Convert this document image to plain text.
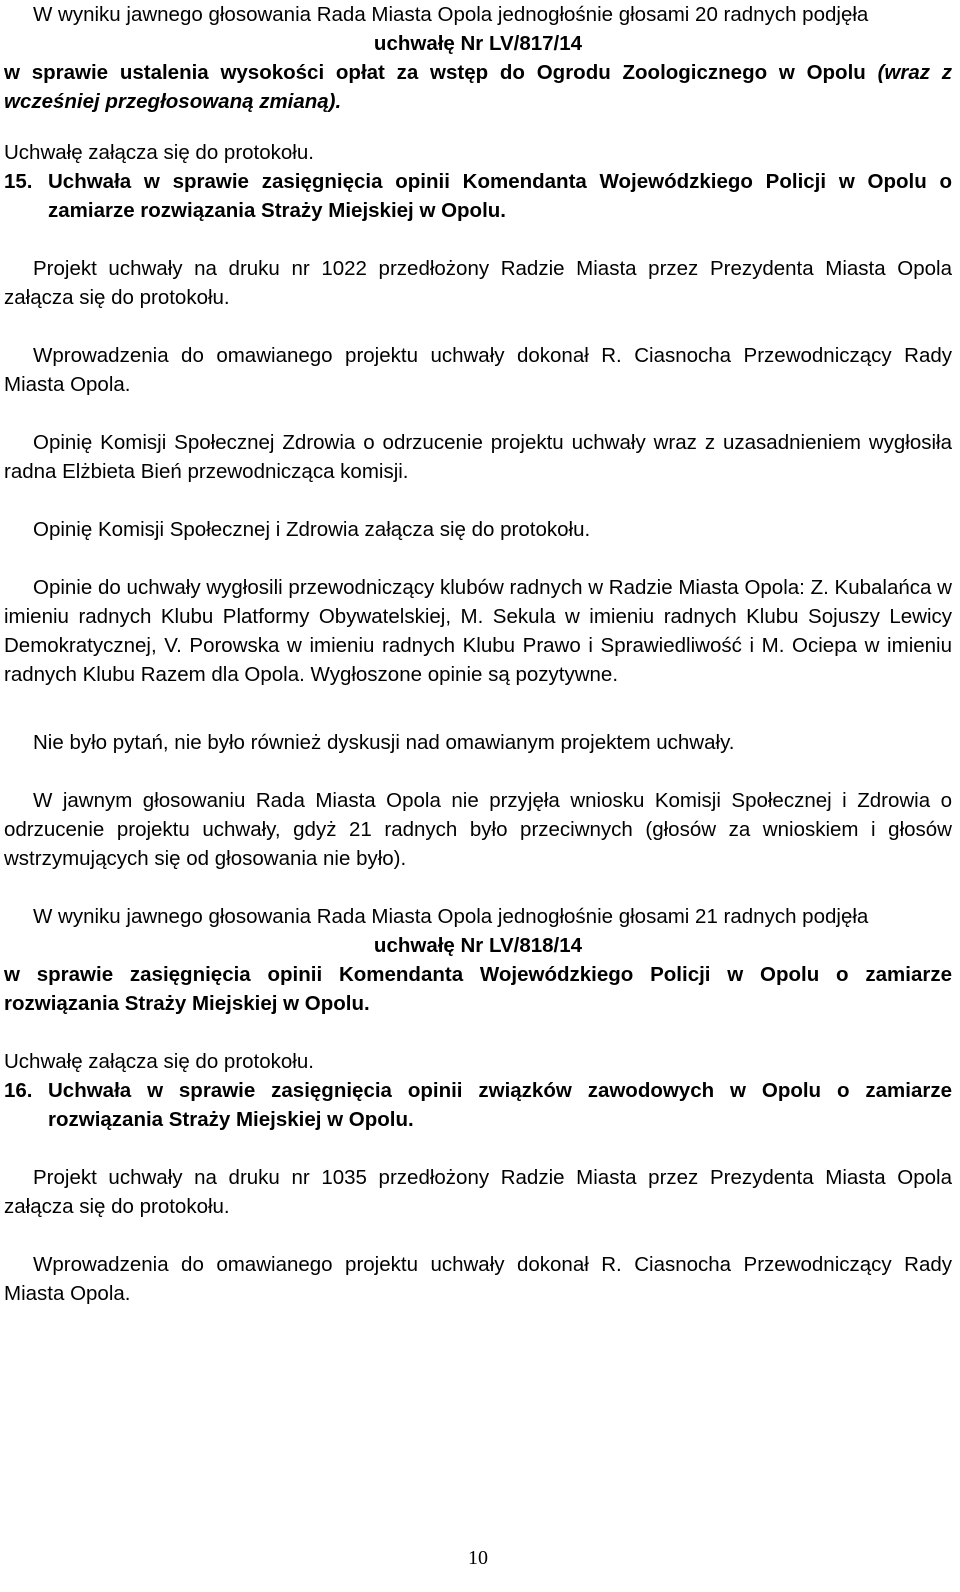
W wyniku jawnego głosowania Rada Miasta Opola jednogłośnie głosami 20 radnych podjęła

uchwałę Nr LV/817/14

w sprawie ustalenia wysokości opłat za wstęp do Ogrodu Zoologicznego w Opolu (wraz z wcześniej przegłosowaną zmianą).

Uchwałę załącza się do protokołu.

15. Uchwała w sprawie zasięgnięcia opinii Komendanta Wojewódzkiego Policji w Opolu o zamiarze rozwiązania Straży Miejskiej w Opolu.

Projekt uchwały na druku nr 1022 przedłożony Radzie Miasta przez Prezydenta Miasta Opola załącza się do protokołu.

Wprowadzenia do omawianego projektu uchwały dokonał R. Ciasnocha Przewodniczący Rady Miasta Opola.

Opinię Komisji Społecznej Zdrowia o odrzucenie projektu uchwały wraz z uzasadnieniem wygłosiła radna Elżbieta Bień przewodnicząca komisji.

Opinię Komisji Społecznej i Zdrowia załącza się do protokołu.

Opinie do uchwały wygłosili przewodniczący klubów radnych w Radzie Miasta Opola: Z. Kubalańca w imieniu radnych Klubu Platformy Obywatelskiej, M. Sekula w imieniu radnych Klubu Sojuszy Lewicy Demokratycznej, V. Porowska w imieniu radnych Klubu Prawo i Sprawiedliwość i M. Ociepa w imieniu radnych Klubu Razem dla Opola. Wygłoszone opinie są pozytywne.

Nie było pytań, nie było również dyskusji nad omawianym projektem uchwały.

W jawnym głosowaniu Rada Miasta Opola nie przyjęła wniosku Komisji Społecznej i Zdrowia o odrzucenie projektu uchwały, gdyż 21 radnych było przeciwnych (głosów za wnioskiem i głosów wstrzymujących się od głosowania nie było).

W wyniku jawnego głosowania Rada Miasta Opola jednogłośnie głosami 21 radnych podjęła

uchwałę Nr LV/818/14

w sprawie zasięgnięcia opinii Komendanta Wojewódzkiego Policji w Opolu o zamiarze rozwiązania Straży Miejskiej w Opolu.

Uchwałę załącza się do protokołu.

16. Uchwała w sprawie zasięgnięcia opinii związków zawodowych w Opolu o zamiarze rozwiązania Straży Miejskiej w Opolu.

Projekt uchwały na druku nr 1035 przedłożony Radzie Miasta przez Prezydenta Miasta Opola załącza się do protokołu.

Wprowadzenia do omawianego projektu uchwały dokonał R. Ciasnocha Przewodniczący Rady Miasta Opola.

10
